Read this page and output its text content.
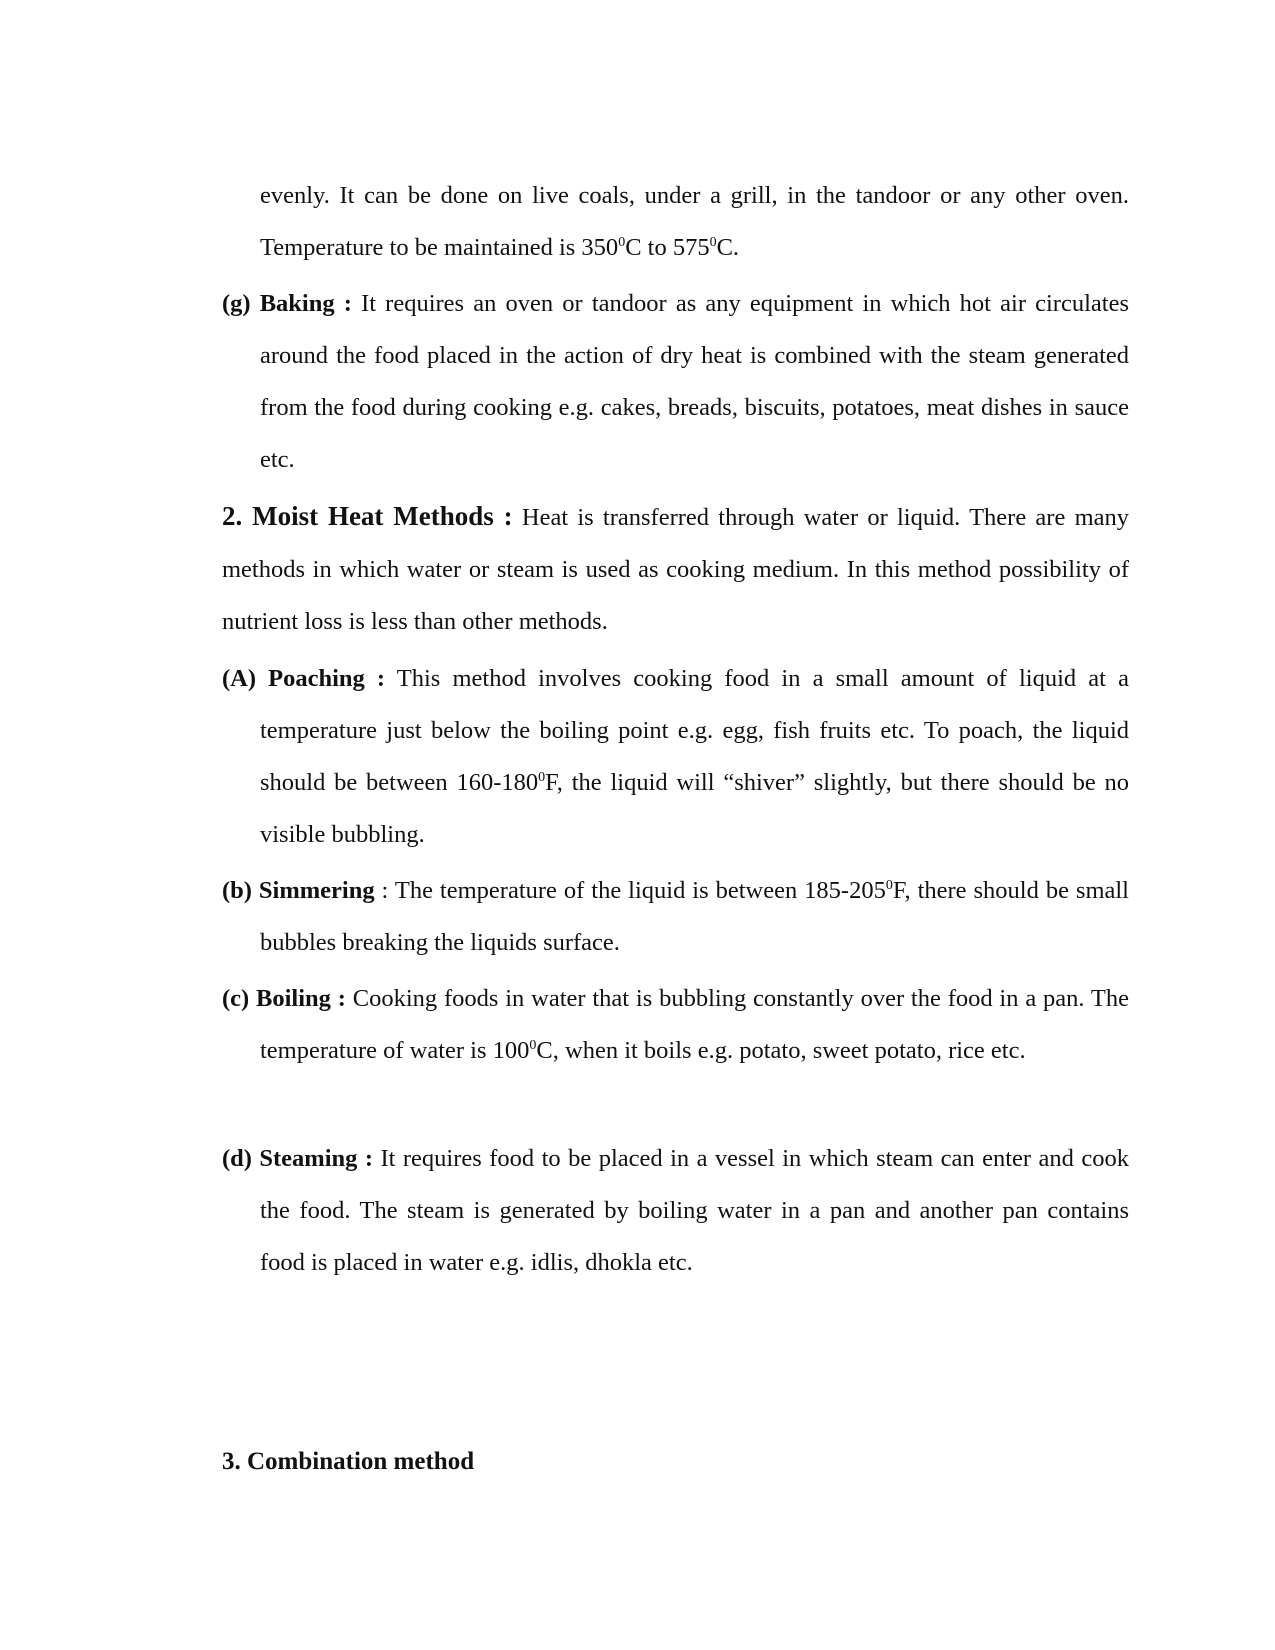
evenly. It can be done on live coals, under a grill, in the tandoor or any other oven. Temperature to be maintained is $350^0C$ to $575^0C$.

(g) Baking : It requires an oven or tandoor as any equipment in which hot air circulates around the food placed in the action of dry heat is combined with the steam generated from the food during cooking e.g. cakes, breads, biscuits, potatoes, meat dishes in sauce etc.

2. Moist Heat Methods : Heat is transferred through water or liquid. There are many methods in which water or steam is used as cooking medium. In this method possibility of nutrient loss is less than other methods.

(A) Poaching : This method involves cooking food in a small amount of liquid at a temperature just below the boiling point e.g. egg, fish fruits etc. To poach, the liquid should be between $160-180^0F$, the liquid will “shiver” slightly, but there should be no visible bubbling.

(b) Simmering : The temperature of the liquid is between $185-205^0F$, there should be small bubbles breaking the liquids surface.

(c) Boiling : Cooking foods in water that is bubbling constantly over the food in a pan. The temperature of water is $100^0C$, when it boils e.g. potato, sweet potato, rice etc.

(d) Steaming : It requires food to be placed in a vessel in which steam can enter and cook the food. The steam is generated by boiling water in a pan and another pan contains food is placed in water e.g. idlis, dhokla etc.

3. Combination method
